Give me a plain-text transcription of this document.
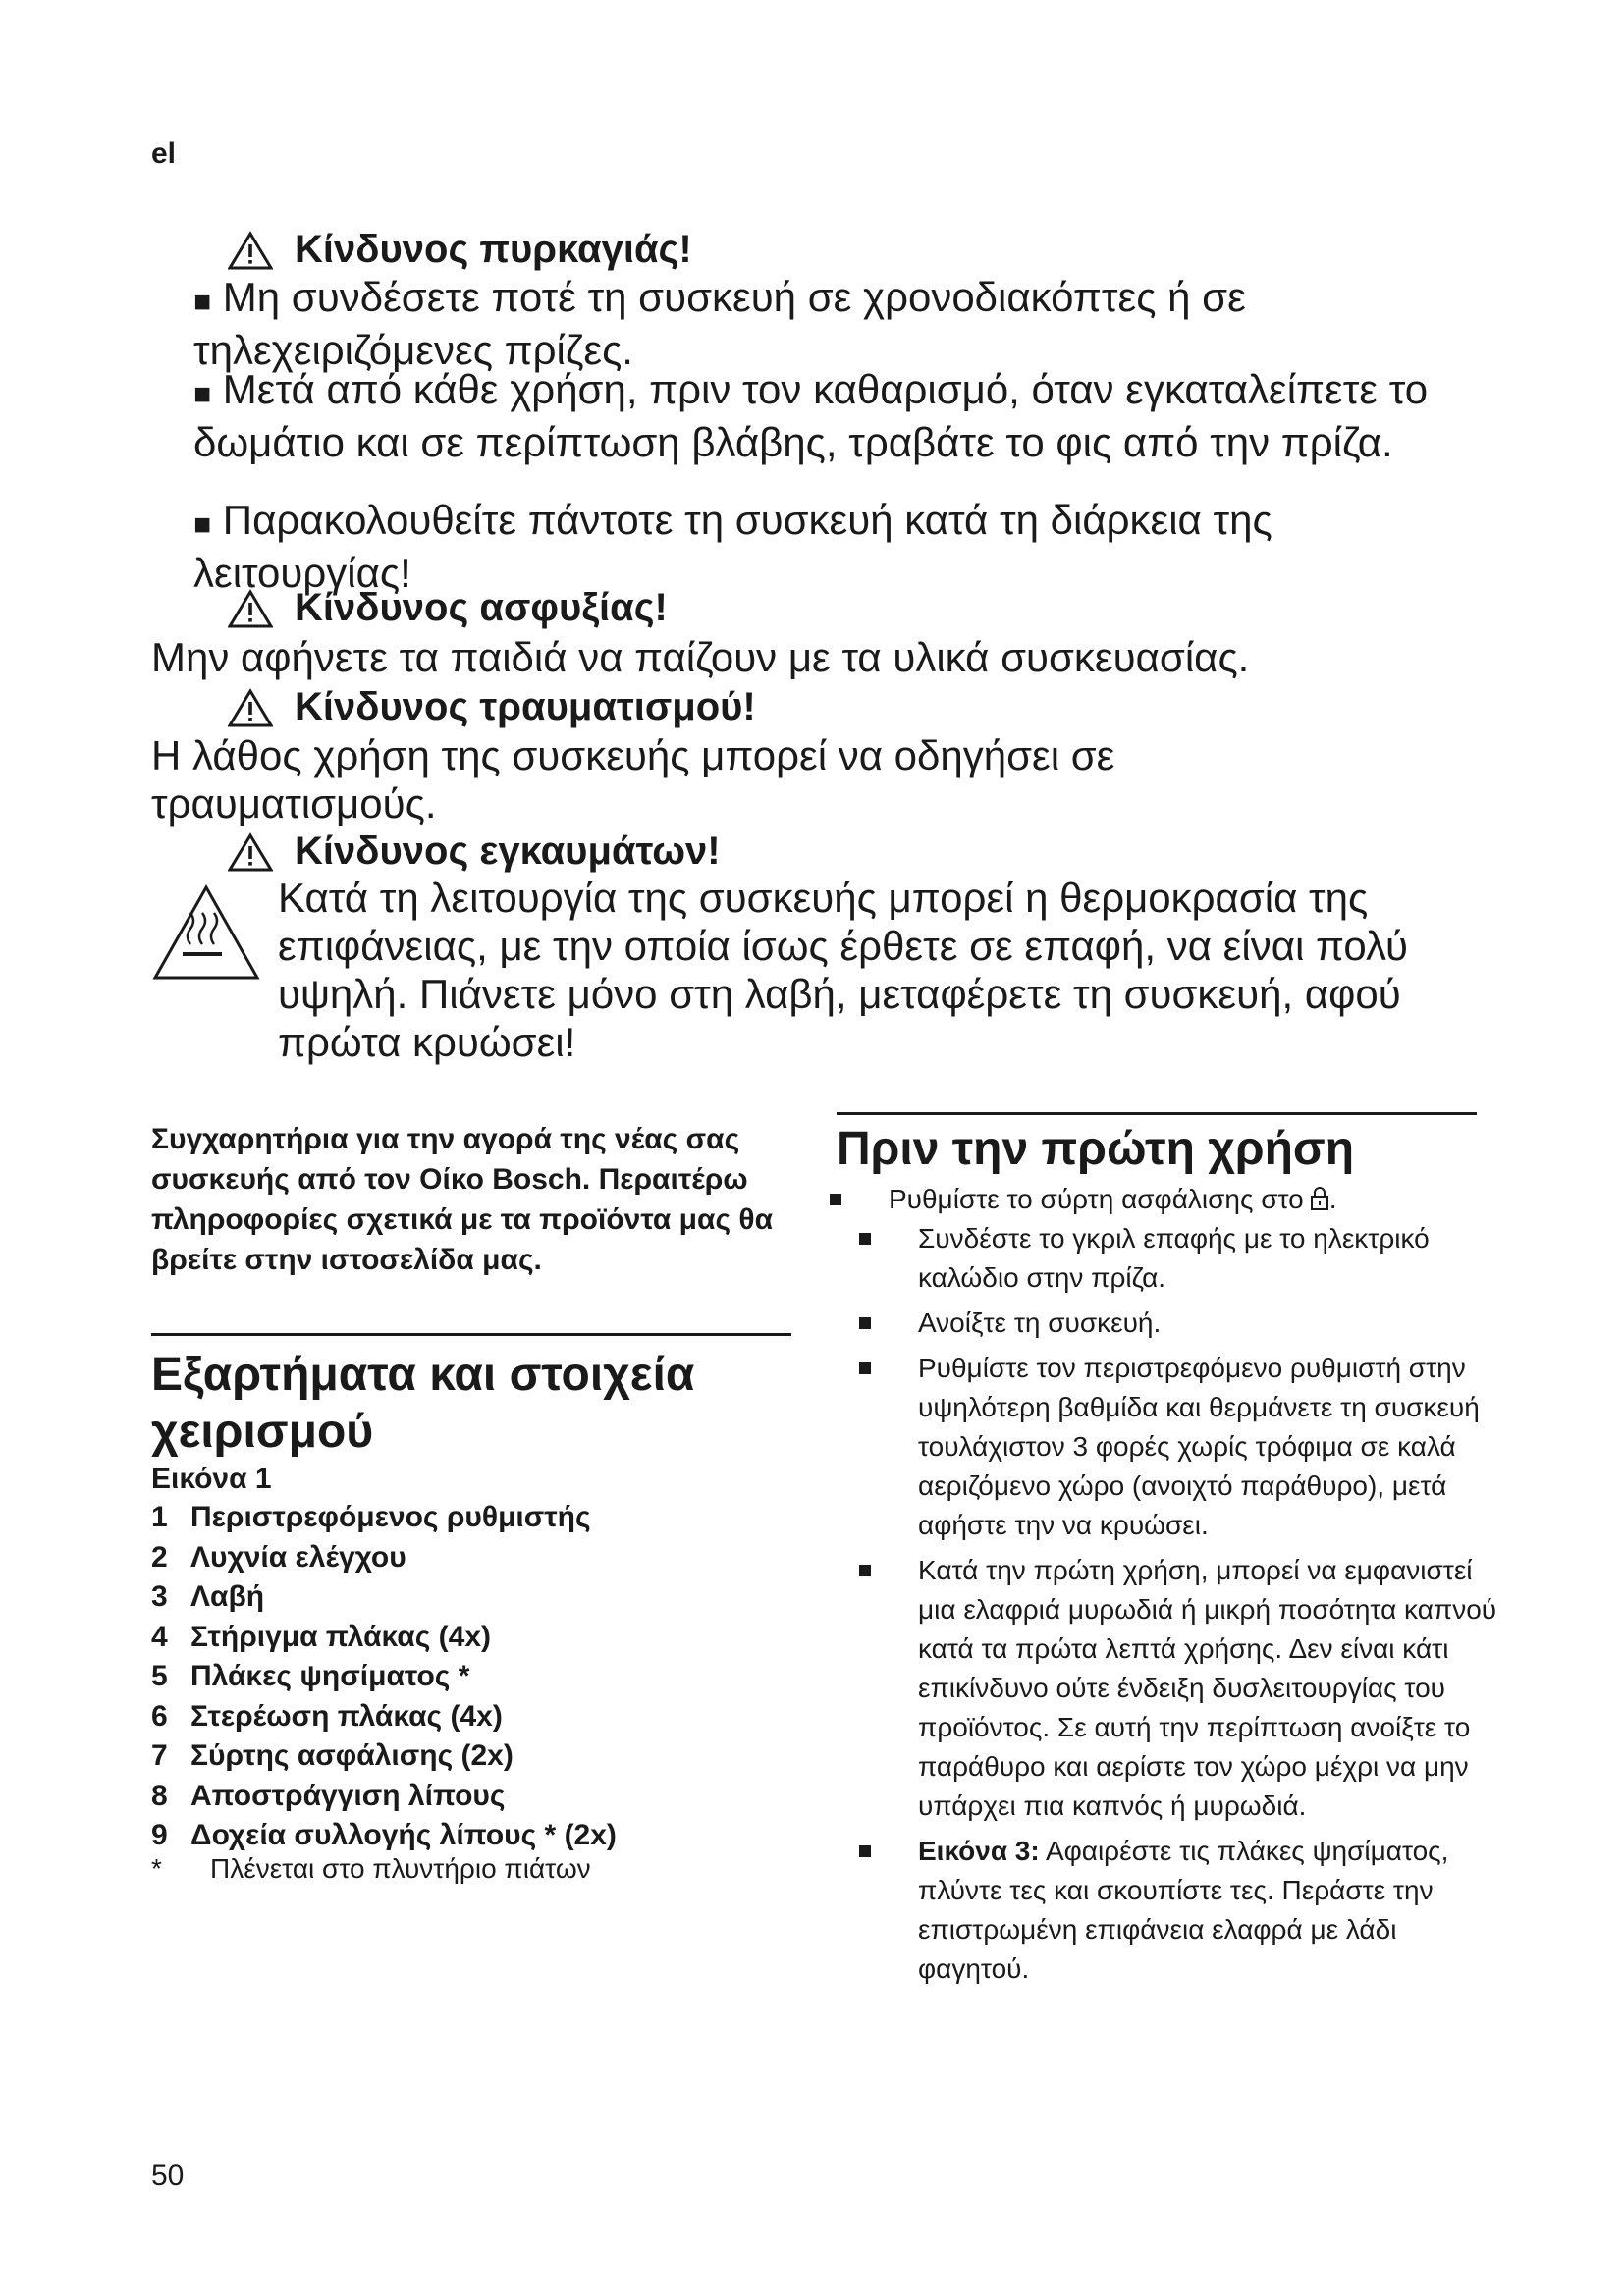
el
Κίνδυνος πυρκαγιάς!
■ Μη συνδέσετε ποτέ τη συσκευή σε χρονοδιακόπτες ή σε τηλεχειριζόμενες πρίζες.
■ Μετά από κάθε χρήση, πριν τον καθαρισμό, όταν εγκαταλείπετε το δωμάτιο και σε περίπτωση βλάβης, τραβάτε το φις από την πρίζα.
■ Παρακολουθείτε πάντοτε τη συσκευή κατά τη διάρκεια της λειτουργίας!
Κίνδυνος ασφυξίας!
Μην αφήνετε τα παιδιά να παίζουν με τα υλικά συσκευασίας.
Κίνδυνος τραυματισμού!
Η λάθος χρήση της συσκευής μπορεί να οδηγήσει σε τραυματισμούς.
Κίνδυνος εγκαυμάτων!
Κατά τη λειτουργία της συσκευής μπορεί η θερμοκρασία της επιφάνειας, με την οποία ίσως έρθετε σε επαφή, να είναι πολύ υψηλή. Πιάνετε μόνο στη λαβή, μεταφέρετε τη συσκευή, αφού πρώτα κρυώσει!
Συγχαρητήρια για την αγορά της νέας σας συσκευής από τον Οίκο Bosch. Περαιτέρω πληροφορίες σχετικά με τα προϊόντα μας θα βρείτε στην ιστοσελίδα μας.
Εξαρτήματα και στοιχεία
χειρισμού
Εικόνα 1
1 Περιστρεφόμενος ρυθμιστής
2 Λυχνία ελέγχου
3 Λαβή
4 Στήριγμα πλάκας (4x)
5 Πλάκες ψησίματος *
6 Στερέωση πλάκας (4x)
7 Σύρτης ασφάλισης (2x)
8 Αποστράγγιση λίπους
9 Δοχεία συλλογής λίπους * (2x)
*	Πλένεται στο πλυντήριο πιάτων
Πριν την πρώτη χρήση
Ρυθμίστε το σύρτη ασφάλισης στο .
Συνδέστε το γκριλ επαφής με το ηλεκτρικό καλώδιο στην πρίζα.
Ανοίξτε τη συσκευή.
Ρυθμίστε τον περιστρεφόμενο ρυθμιστή στην υψηλότερη βαθμίδα και θερμάνετε τη συσκευή τουλάχιστον 3 φορές χωρίς τρόφιμα σε καλά αεριζόμενο χώρο (ανοιχτό παράθυρο), μετά αφήστε την να κρυώσει.
Κατά την πρώτη χρήση, μπορεί να εμφανιστεί μια ελαφριά μυρωδιά ή μικρή ποσότητα καπνού κατά τα πρώτα λεπτά χρήσης. Δεν είναι κάτι επικίνδυνο ούτε ένδειξη δυσλειτουργίας του προϊόντος. Σε αυτή την περίπτωση ανοίξτε το παράθυρο και αερίστε τον χώρο μέχρι να μην υπάρχει πια καπνός ή μυρωδιά.
Εικόνα 3: Αφαιρέστε τις πλάκες ψησίματος, πλύντε τες και σκουπίστε τες. Περάστε την επιστρωμένη επιφάνεια ελαφρά με λάδι φαγητού.
50
